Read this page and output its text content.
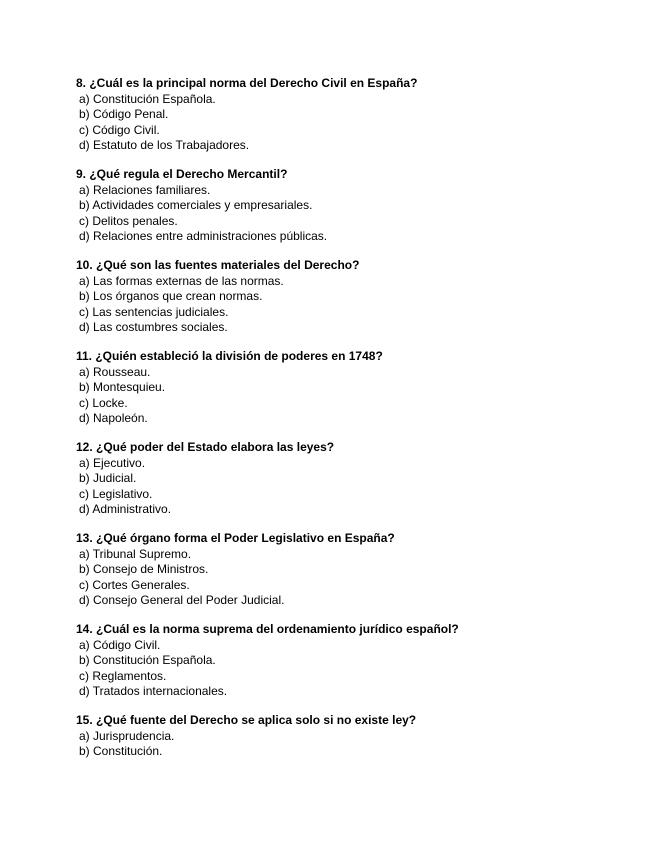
8. ¿Cuál es la principal norma del Derecho Civil en España?
a) Constitución Española.
b) Código Penal.
c) Código Civil.
d) Estatuto de los Trabajadores.
9. ¿Qué regula el Derecho Mercantil?
a) Relaciones familiares.
b) Actividades comerciales y empresariales.
c) Delitos penales.
d) Relaciones entre administraciones públicas.
10. ¿Qué son las fuentes materiales del Derecho?
a) Las formas externas de las normas.
b) Los órganos que crean normas.
c) Las sentencias judiciales.
d) Las costumbres sociales.
11. ¿Quién estableció la división de poderes en 1748?
a) Rousseau.
b) Montesquieu.
c) Locke.
d) Napoleón.
12. ¿Qué poder del Estado elabora las leyes?
a) Ejecutivo.
b) Judicial.
c) Legislativo.
d) Administrativo.
13. ¿Qué órgano forma el Poder Legislativo en España?
a) Tribunal Supremo.
b) Consejo de Ministros.
c) Cortes Generales.
d) Consejo General del Poder Judicial.
14. ¿Cuál es la norma suprema del ordenamiento jurídico español?
a) Código Civil.
b) Constitución Española.
c) Reglamentos.
d) Tratados internacionales.
15. ¿Qué fuente del Derecho se aplica solo si no existe ley?
a) Jurisprudencia.
b) Constitución.
